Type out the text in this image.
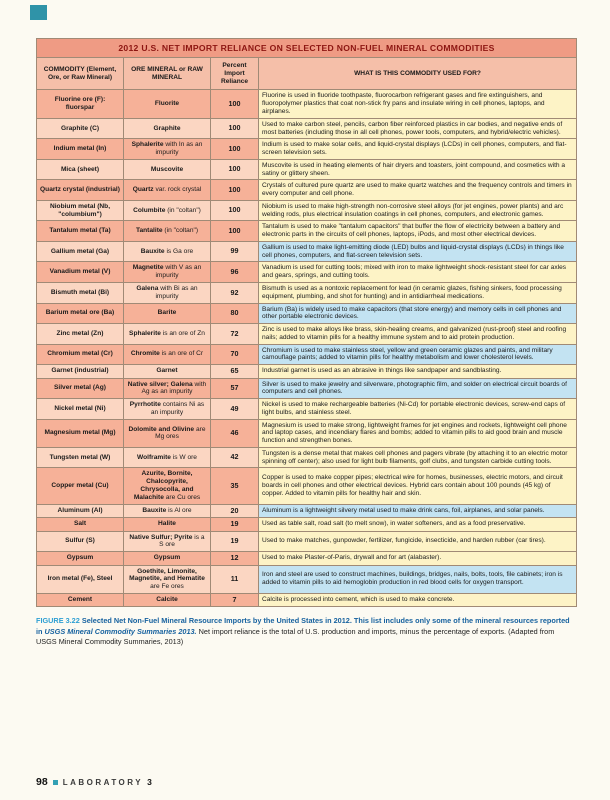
2012 U.S. NET IMPORT RELIANCE ON SELECTED NON-FUEL MINERAL COMMODITIES			
COMMODITY (Element, Ore, or Raw Mineral)	ORE MINERAL or RAW MINERAL	Percent Import Reliance	WHAT IS THIS COMMODITY USED FOR?
Fluorine ore (F): fluorspar	Fluorite	100	Fluorine is used in fluoride toothpaste, fluorocarbon refrigerant gases and fire extinguishers, and fluoropolymer plastics that coat non-stick fry pans and insulate wiring in cell phones, laptops, and airplanes.
Graphite (C)	Graphite	100	Used to make carbon steel, pencils, carbon fiber reinforced plastics in car bodies, and negative ends of most batteries (including those in all cell phones, power tools, computers, and hybrid/electric vehicles).
Indium metal (In)	Sphalerite with In as an impurity	100	Indium is used to make solar cells, and liquid-crystal displays (LCDs) in cell phones, computers, and flat-screen television sets.
Mica (sheet)	Muscovite	100	Muscovite is used in heating elements of hair dryers and toasters, joint compound, and cosmetics with a satiny or glittery sheen.
Quartz crystal (industrial)	Quartz var. rock crystal	100	Crystals of cultured pure quartz are used to make quartz watches and the frequency controls and timers in every computer and cell phone.
Niobium metal (Nb, "columbium")	Columbite (in "coltan")	100	Niobium is used to make high-strength non-corrosive steel alloys (for jet engines, power plants) and arc welding rods, plus electrical insulation coatings in cell phones, computers, and electronic games.
Tantalum metal (Ta)	Tantalite (in "coltan")	100	Tantalum is used to make "tantalum capacitors" that buffer the flow of electricity between a battery and electronic parts in the circuits of cell phones, laptops, iPods, and most other electrical devices.
Gallium metal (Ga)	Bauxite is Ga ore	99	Gallium is used to make light-emitting diode (LED) bulbs and liquid-crystal displays (LCDs) in things like cell phones, computers, and flat-screen television sets.
Vanadium metal (V)	Magnetite with V as an impurity	96	Vanadium is used for cutting tools; mixed with iron to make lightweight shock-resistant steel for car axles and gears, springs, and cutting tools.
Bismuth metal (Bi)	Galena with Bi as an impurity	92	Bismuth is used as a nontoxic replacement for lead (in ceramic glazes, fishing sinkers, food processing equipment, plumbing, and shot for hunting) and in antidiarrheal medications.
Barium metal ore (Ba)	Barite	80	Barium (Ba) is widely used to make capacitors (that store energy) and memory cells in cell phones and other portable electronic devices.
Zinc metal (Zn)	Sphalerite is an ore of Zn	72	Zinc is used to make alloys like brass, skin-healing creams, and galvanized (rust-proof) steel and roofing nails; added to vitamin pills for a healthy immune system and to aid protein production.
Chromium metal (Cr)	Chromite is an ore of Cr	70	Chromium is used to make stainless steel, yellow and green ceramic glazes and paints, and military camouflage paints; added to vitamin pills for healthy metabolism and lower cholesterol levels.
Garnet (industrial)	Garnet	65	Industrial garnet is used as an abrasive in things like sandpaper and sandblasting.
Silver metal (Ag)	Native silver; Galena with Ag as an impurity	57	Silver is used to make jewelry and silverware, photographic film, and solder on electrical circuit boards of computers and cell phones.
Nickel metal (Ni)	Pyrrhotite contains Ni as an impurity	49	Nickel is used to make rechargeable batteries (Ni-Cd) for portable electronic devices, screw-end caps of light bulbs, and stainless steel.
Magnesium metal (Mg)	Dolomite and Olivine are Mg ores	46	Magnesium is used to make strong, lightweight frames for jet engines and rockets, lightweight cell phone and laptop cases, and incendiary flares and bombs; added to vitamin pills to aid good brain and muscle function and strengthen bones.
Tungsten metal (W)	Wolframite is W ore	42	Tungsten is a dense metal that makes cell phones and pagers vibrate (by attaching it to an electric motor spinning off center); also used for light bulb filaments, golf clubs, and tungsten carbide cutting tools.
Copper metal (Cu)	Azurite, Bornite, Chalcopyrite, Chrysocolla, and Malachite are Cu ores	35	Copper is used to make copper pipes; electrical wire for homes, businesses, electric motors, and circuit boards in cell phones and other electrical devices. Hybrid cars contain about 100 pounds (45 kg) of copper. Added to vitamin pills for healthy hair and skin.
Aluminum (Al)	Bauxite is Al ore	20	Aluminum is a lightweight silvery metal used to make drink cans, foil, airplanes, and solar panels.
Salt	Halite	19	Used as table salt, road salt (to melt snow), in water softeners, and as a food preservative.
Sulfur (S)	Native Sulfur; Pyrite is a S ore	19	Used to make matches, gunpowder, fertilizer, fungicide, insecticide, and harden rubber (car tires).
Gypsum	Gypsum	12	Used to make Plaster-of-Paris, drywall and for art (alabaster).
Iron metal (Fe), Steel	Goethite, Limonite, Magnetite, and Hematite are Fe ores	11	Iron and steel are used to construct machines, buildings, bridges, nails, bolts, tools, file cabinets; iron is added to vitamin pills to aid hemoglobin production in red blood cells for oxygen transport.
Cement	Calcite	7	Calcite is processed into cement, which is used to make concrete.

FIGURE 3.22 Selected Net Non-Fuel Mineral Resource Imports by the United States in 2012. This list includes only some of the mineral resources reported in USGS Mineral Commodity Summaries 2013. Net import reliance is the total of U.S. production and imports, minus the percentage of exports. (Adapted from USGS Mineral Commodity Summaries, 2013)

98 LABORATORY 3
